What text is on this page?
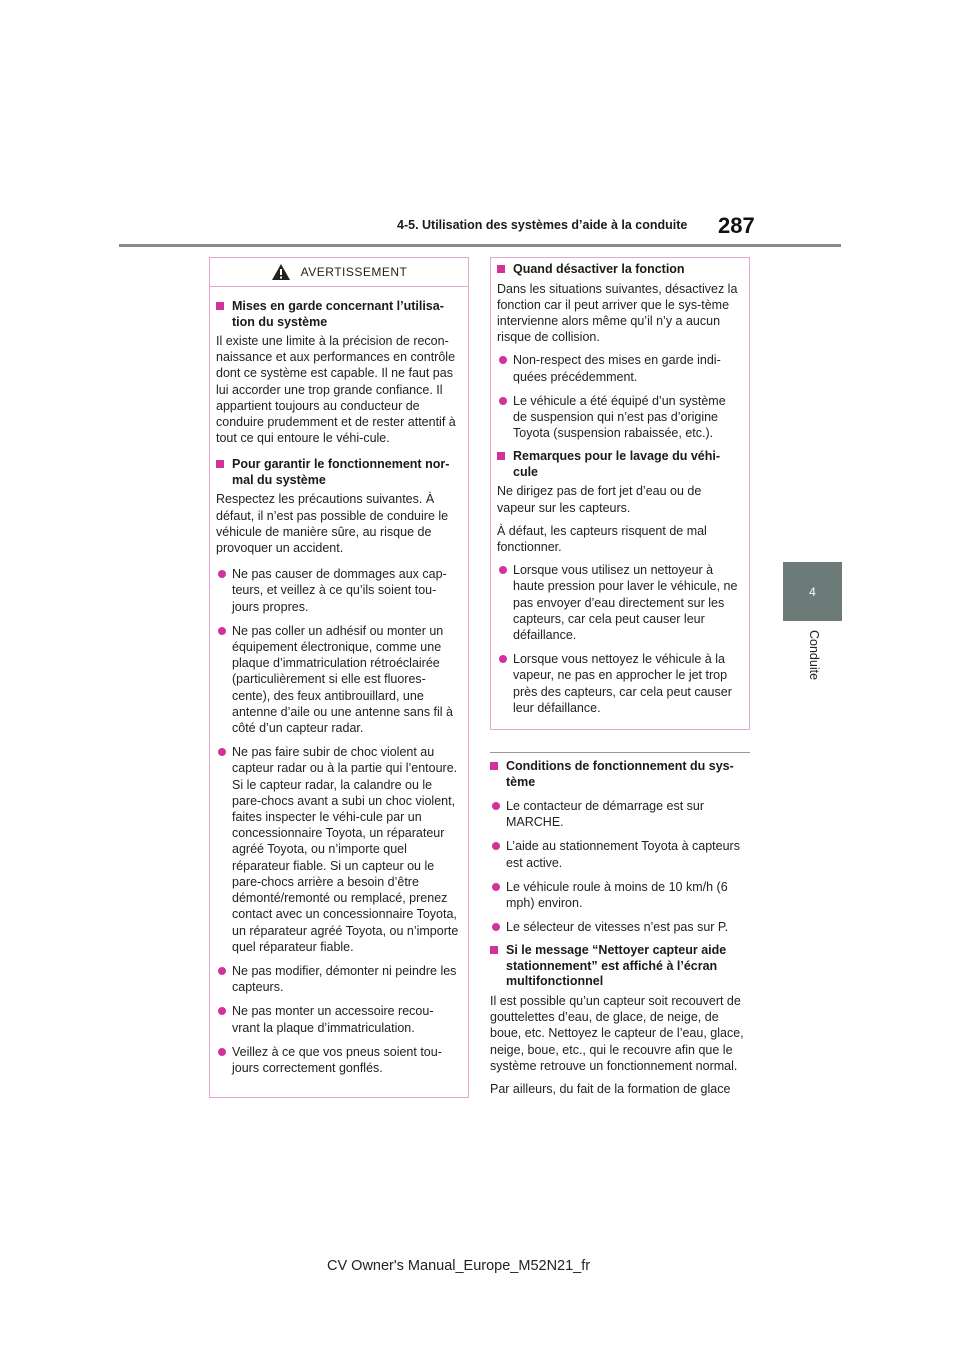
4-5. Utilisation des systèmes d’aide à la conduite 287
4
Conduite
AVERTISSEMENT
Mises en garde concernant l’utilisa-tion du système

Il existe une limite à la précision de recon-naissance et aux performances en contrôle dont ce système est capable. Il ne faut pas lui accorder une trop grande confiance. Il appartient toujours au conducteur de conduire prudemment et de rester attentif à tout ce qui entoure le véhi-cule.

Pour garantir le fonctionnement nor-mal du système

Respectez les précautions suivantes. À défaut, il n’est pas possible de conduire le véhicule de manière sûre, au risque de provoquer un accident.

Ne pas causer de dommages aux cap-teurs, et veillez à ce qu’ils soient tou-jours propres.
Ne pas coller un adhésif ou monter un équipement électronique, comme une plaque d’immatriculation rétroéclairée (particulièrement si elle est fluores-cente), des feux antibrouillard, une antenne d’aile ou une antenne sans fil à côté d’un capteur radar.
Ne pas faire subir de choc violent au capteur radar ou à la partie qui l’entoure. Si le capteur radar, la calandre ou le pare-chocs avant a subi un choc violent, faites inspecter le véhi-cule par un concessionnaire Toyota, un réparateur agréé Toyota, ou n’importe quel réparateur fiable. Si un capteur ou le pare-chocs arrière a besoin d’être démonté/remonté ou remplacé, prenez contact avec un concessionnaire Toyota, un réparateur agréé Toyota, ou n’importe quel réparateur fiable.
Ne pas modifier, démonter ni peindre les capteurs.
Ne pas monter un accessoire recou-vrant la plaque d’immatriculation.
Veillez à ce que vos pneus soient tou-jours correctement gonflés.
Quand désactiver la fonction

Dans les situations suivantes, désactivez la fonction car il peut arriver que le sys-tème intervienne alors même qu’il n’y a aucun risque de collision.

Non-respect des mises en garde indi-quées précédemment.
Le véhicule a été équipé d’un système de suspension qui n’est pas d’origine Toyota (suspension rabaissée, etc.).
Remarques pour le lavage du véhi-cule

Ne dirigez pas de fort jet d’eau ou de vapeur sur les capteurs.

À défaut, les capteurs risquent de mal fonctionner.

Lorsque vous utilisez un nettoyeur à haute pression pour laver le véhicule, ne pas envoyer d’eau directement sur les capteurs, car cela peut causer leur défaillance.
Lorsque vous nettoyez le véhicule à la vapeur, ne pas en approcher le jet trop près des capteurs, car cela peut causer leur défaillance.
Conditions de fonctionnement du sys-tème
Le contacteur de démarrage est sur MARCHE.
L’aide au stationnement Toyota à capteurs est active.
Le véhicule roule à moins de 10 km/h (6 mph) environ.
Le sélecteur de vitesses n’est pas sur P.
Si le message “Nettoyer capteur aide stationnement” est affiché à l’écran multifonctionnel

Il est possible qu’un capteur soit recouvert de gouttelettes d’eau, de glace, de neige, de boue, etc. Nettoyez le capteur de l’eau, glace, neige, boue, etc., qui le recouvre afin que le système retrouve un fonctionnement normal.

Par ailleurs, du fait de la formation de glace

CV Owner's Manual_Europe_M52N21_fr
